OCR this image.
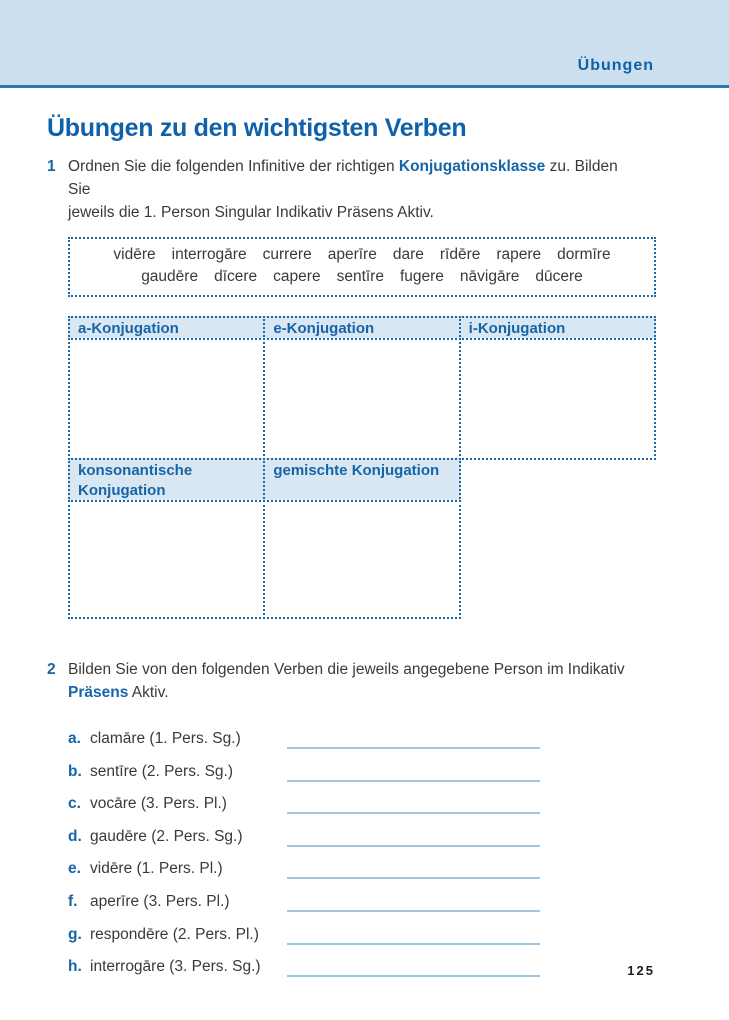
Übungen
Übungen zu den wichtigsten Verben
1 Ordnen Sie die folgenden Infinitive der richtigen Konjugationsklasse zu. Bilden Sie
jeweils die 1. Person Singular Indikativ Präsens Aktiv.
vidēre interrogāre currere aperīre dare rīdēre rapere dormīre
gaudēre dīcere capere sentīre fugere nāvigāre dūcere
a-Konjugation	e-Konjugation	i-Konjugation
konsonantische Konjugation
gemischte Konjugation
2 Bilden Sie von den folgenden Verben die jeweils angegebene Person im Indikativ
Präsens Aktiv.
a. clamāre (1. Pers. Sg.)
b. sentīre (2. Pers. Sg.)
c. vocāre (3. Pers. Pl.)
d. gaudēre (2. Pers. Sg.)
e. vidēre (1. Pers. Pl.)
f. aperīre (3. Pers. Pl.)
g. respondēre (2. Pers. Pl.)
h. interrogāre (3. Pers. Sg.)	125
